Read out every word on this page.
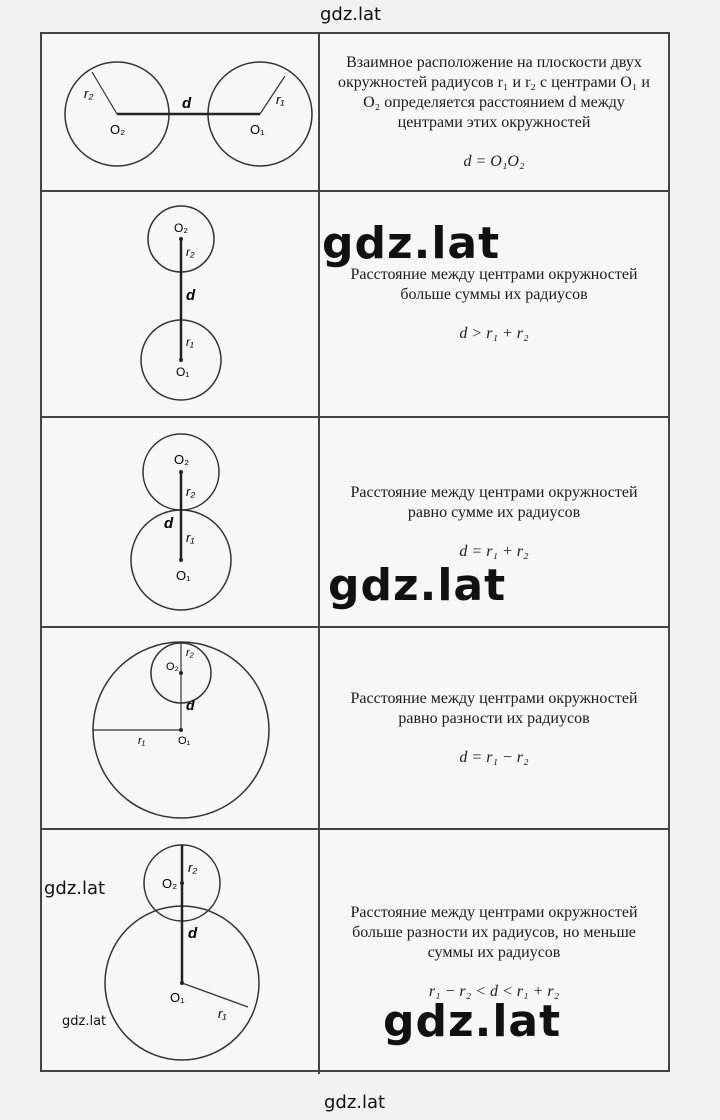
gdz.lat
r₂	r₁
d
O₂	O₁
Взаимное расположение на плоскости двух окружностей радиусов r₁ и r₂ с центрами O₁ и O₂ определяется расстоянием d между центрами этих окружностей
d = O₁O₂
O₂
r₂
d
r₁
O₁
Расстояние между центрами окружностей больше суммы их радиусов
d > r₁ + r₂
O₂
r₂
d
r₁
O₁
Расстояние между центрами окружностей равно сумме их радиусов
d = r₁ + r₂
r₂
O₂
d
r₁	O₁
Расстояние между центрами окружностей равно разности их радиусов
d = r₁ − r₂
r₂
O₂
d
O₁
r₁
Расстояние между центрами окружностей больше разности их радиусов, но меньше суммы их радиусов
r₁ − r₂ < d < r₁ + r₂
gdz.lat
gdz.lat
gdz.lat
gdz.lat	gdz.lat
gdz.lat
